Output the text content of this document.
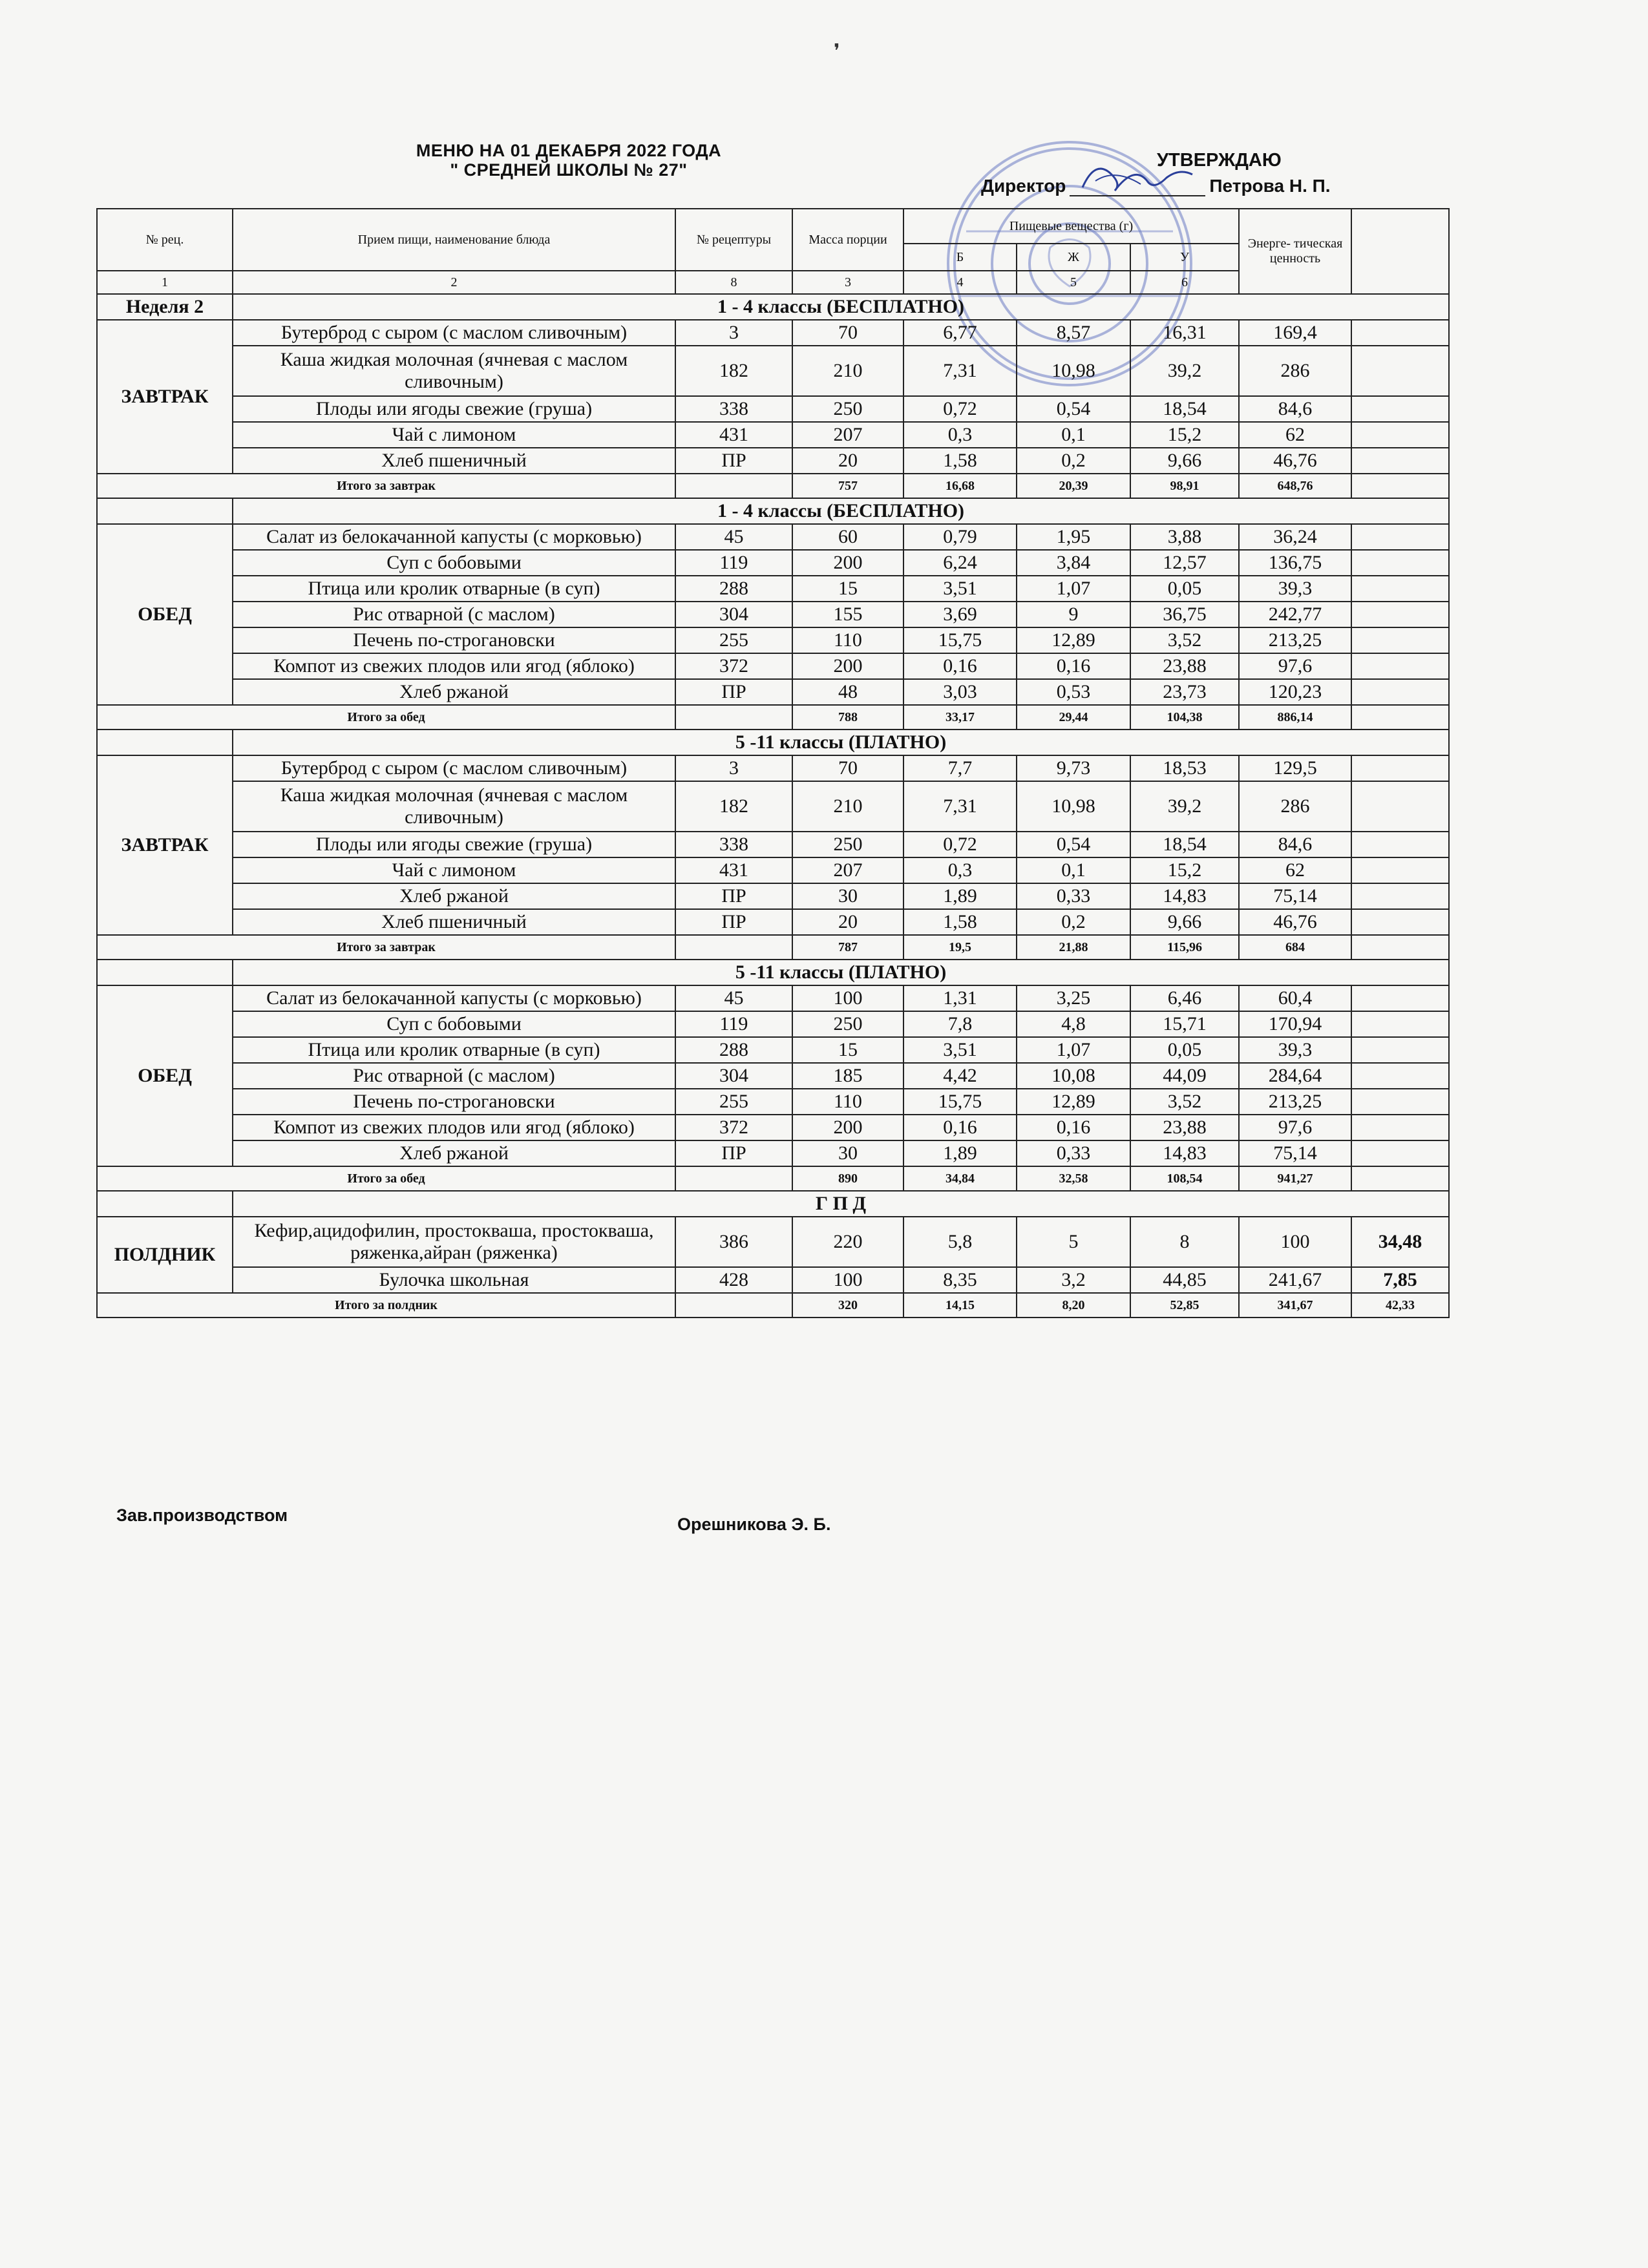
❜
МЕНЮ НА 01 ДЕКАБРЯ 2022 ГОДА
" СРЕДНЕЙ ШКОЛЫ № 27"	УТВЕРЖДАЮ
Директор	Петрова Н. П.
№ рец.	Прием пищи, наименование блюда	№ рецептуры	Масса порции	Пищевые вещества (г)			Энерге- тическая ценность	
				Б	Ж	У		
1	2	8	3	4	5	6		
Неделя 2	1 - 4 классы (БЕСПЛАТНО)							
ЗАВТРАК	Бутерброд с сыром (с маслом сливочным)	3	70	6,77	8,57	16,31	169,4	
	Каша жидкая молочная (ячневая с маслом сливочным)	182	210	7,31	10,98	39,2	286	
	Плоды или ягоды свежие (груша)	338	250	0,72	0,54	18,54	84,6	
	Чай с лимоном	431	207	0,3	0,1	15,2	62	
	Хлеб пшеничный	ПР	20	1,58	0,2	9,66	46,76	
Итого за завтрак			757	16,68	20,39	98,91	648,76	
	1 - 4 классы (БЕСПЛАТНО)							
ОБЕД	Салат из белокачанной капусты (с морковью)	45	60	0,79	1,95	3,88	36,24	
	Суп с бобовыми	119	200	6,24	3,84	12,57	136,75	
	Птица или кролик отварные (в суп)	288	15	3,51	1,07	0,05	39,3	
	Рис отварной (с маслом)	304	155	3,69	9	36,75	242,77	
	Печень по-строгановски	255	110	15,75	12,89	3,52	213,25	
	Компот из свежих плодов или ягод (яблоко)	372	200	0,16	0,16	23,88	97,6	
	Хлеб ржаной	ПР	48	3,03	0,53	23,73	120,23	
Итого за обед			788	33,17	29,44	104,38	886,14	
	5 -11 классы (ПЛАТНО)							
ЗАВТРАК	Бутерброд с сыром (с маслом сливочным)	3	70	7,7	9,73	18,53	129,5	
	Каша жидкая молочная (ячневая с маслом сливочным)	182	210	7,31	10,98	39,2	286	
	Плоды или ягоды свежие (груша)	338	250	0,72	0,54	18,54	84,6	
	Чай с лимоном	431	207	0,3	0,1	15,2	62	
	Хлеб ржаной	ПР	30	1,89	0,33	14,83	75,14	
	Хлеб пшеничный	ПР	20	1,58	0,2	9,66	46,76	
Итого за завтрак			787	19,5	21,88	115,96	684	
	5 -11 классы (ПЛАТНО)							
ОБЕД	Салат из белокачанной капусты (с морковью)	45	100	1,31	3,25	6,46	60,4	
	Суп с бобовыми	119	250	7,8	4,8	15,71	170,94	
	Птица или кролик отварные (в суп)	288	15	3,51	1,07	0,05	39,3	
	Рис отварной (с маслом)	304	185	4,42	10,08	44,09	284,64	
	Печень по-строгановски	255	110	15,75	12,89	3,52	213,25	
	Компот из свежих плодов или ягод (яблоко)	372	200	0,16	0,16	23,88	97,6	
	Хлеб ржаной	ПР	30	1,89	0,33	14,83	75,14	
Итого за обед			890	34,84	32,58	108,54	941,27	
	Г П Д							
ПОЛДНИК	Кефир,ацидофилин, простокваша, простокваша, ряженка,айран (ряженка)	386	220	5,8	5	8	100	34,48
	Булочка школьная	428	100	8,35	3,2	44,85	241,67	7,85
Итого за полдник			320	14,15	8,20	52,85	341,67	42,33
Зав.производством	Орешникова Э. Б.
